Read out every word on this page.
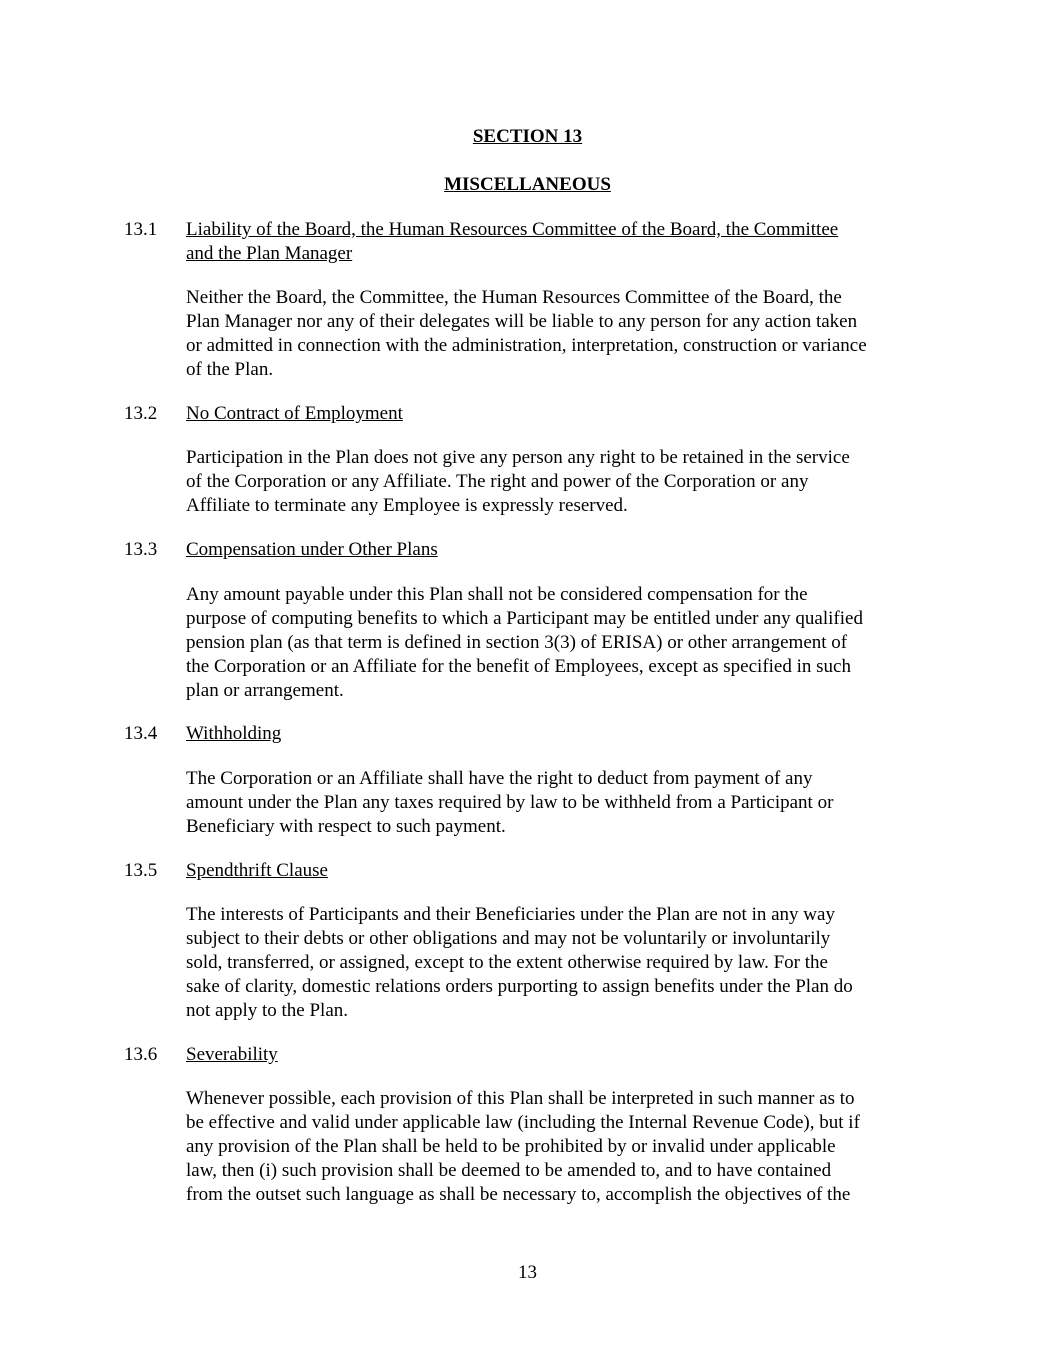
SECTION 13
MISCELLANEOUS
13.1 Liability of the Board, the Human Resources Committee of the Board, the Committee
and the Plan Manager
Neither the Board, the Committee, the Human Resources Committee of the Board, the
Plan Manager nor any of their delegates will be liable to any person for any action taken
or admitted in connection with the administration, interpretation, construction or variance
of the Plan.
13.2 No Contract of Employment
Participation in the Plan does not give any person any right to be retained in the service
of the Corporation or any Affiliate. The right and power of the Corporation or any
Affiliate to terminate any Employee is expressly reserved.
13.3 Compensation under Other Plans
Any amount payable under this Plan shall not be considered compensation for the
purpose of computing benefits to which a Participant may be entitled under any qualified
pension plan (as that term is defined in section 3(3) of ERISA) or other arrangement of
the Corporation or an Affiliate for the benefit of Employees, except as specified in such
plan or arrangement.
13.4 Withholding
The Corporation or an Affiliate shall have the right to deduct from payment of any
amount under the Plan any taxes required by law to be withheld from a Participant or
Beneficiary with respect to such payment.
13.5 Spendthrift Clause
The interests of Participants and their Beneficiaries under the Plan are not in any way
subject to their debts or other obligations and may not be voluntarily or involuntarily
sold, transferred, or assigned, except to the extent otherwise required by law. For the
sake of clarity, domestic relations orders purporting to assign benefits under the Plan do
not apply to the Plan.
13.6 Severability
Whenever possible, each provision of this Plan shall be interpreted in such manner as to
be effective and valid under applicable law (including the Internal Revenue Code), but if
any provision of the Plan shall be held to be prohibited by or invalid under applicable
law, then (i) such provision shall be deemed to be amended to, and to have contained
from the outset such language as shall be necessary to, accomplish the objectives of the
13
